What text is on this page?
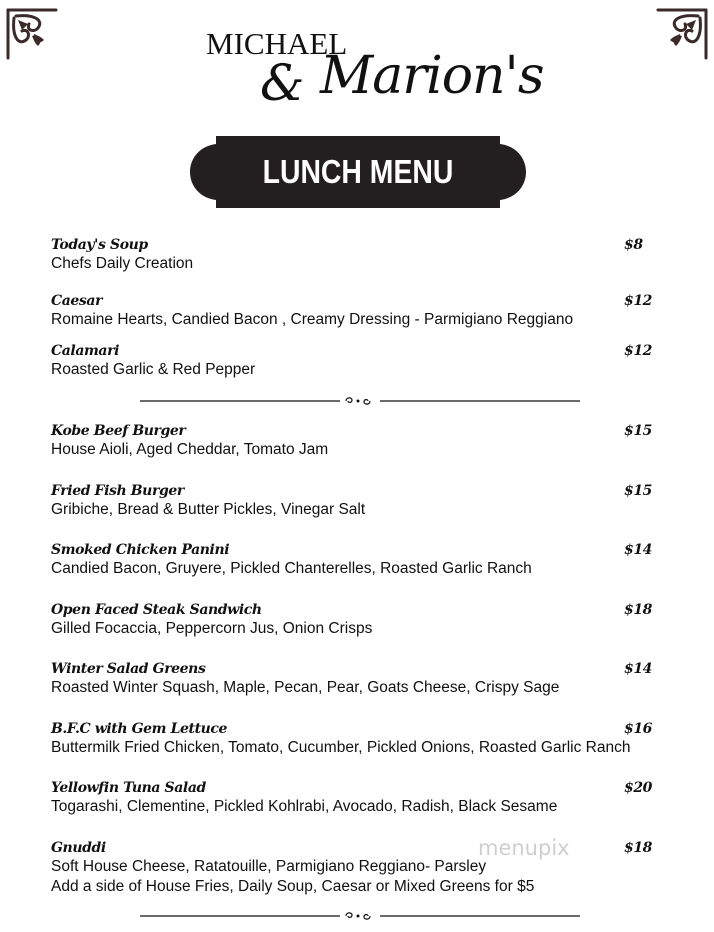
MICHAEL
& Marion's
LUNCH MENU
Today's Soup
Chefs Daily Creation
$8
Caesar
Romaine Hearts, Candied Bacon , Creamy Dressing - Parmigiano Reggiano
$12
Calamari
Roasted Garlic & Red Pepper
$12
Kobe Beef Burger
House Aioli, Aged Cheddar, Tomato Jam
$15
Fried Fish Burger
Gribiche, Bread & Butter Pickles, Vinegar Salt
$15
Smoked Chicken Panini
Candied Bacon, Gruyere, Pickled Chanterelles, Roasted Garlic Ranch
$14
Open Faced Steak Sandwich
Gilled Focaccia, Peppercorn Jus, Onion Crisps
$18
Winter Salad Greens
Roasted Winter Squash, Maple, Pecan, Pear, Goats Cheese, Crispy Sage
$14
B.F.C with Gem Lettuce
Buttermilk Fried Chicken, Tomato, Cucumber, Pickled Onions, Roasted Garlic Ranch
$16
Yellowfin Tuna Salad
Togarashi, Clementine, Pickled Kohlrabi, Avocado, Radish, Black Sesame
$20
Gnuddi
Soft House Cheese, Ratatouille, Parmigiano Reggiano- Parsley
Add a side of House Fries, Daily Soup, Caesar or Mixed Greens for $5
$18
menupix
